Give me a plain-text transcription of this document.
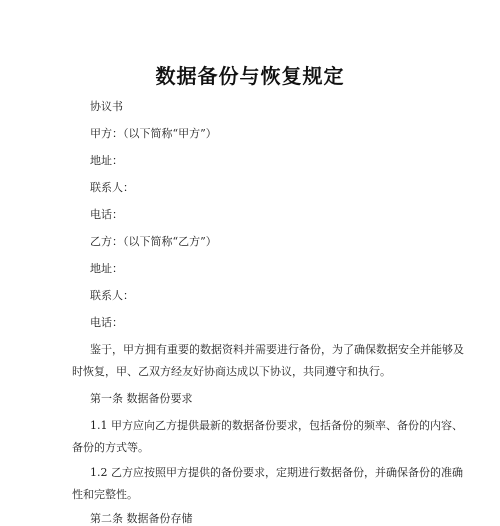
数据备份与恢复规定
协议书
甲方：（以下简称“甲方”）
地址：
联系人：
电话：
乙方：（以下简称“乙方”）
地址：
联系人：
电话：
鉴于，甲方拥有重要的数据资料并需要进行备份，为了确保数据安全并能够及
时恢复，甲、乙双方经友好协商达成以下协议，共同遵守和执行。
第一条 数据备份要求
1.1 甲方应向乙方提供最新的数据备份要求，包括备份的频率、备份的内容、
备份的方式等。
1.2 乙方应按照甲方提供的备份要求，定期进行数据备份，并确保备份的准确
性和完整性。
第二条 数据备份存储
